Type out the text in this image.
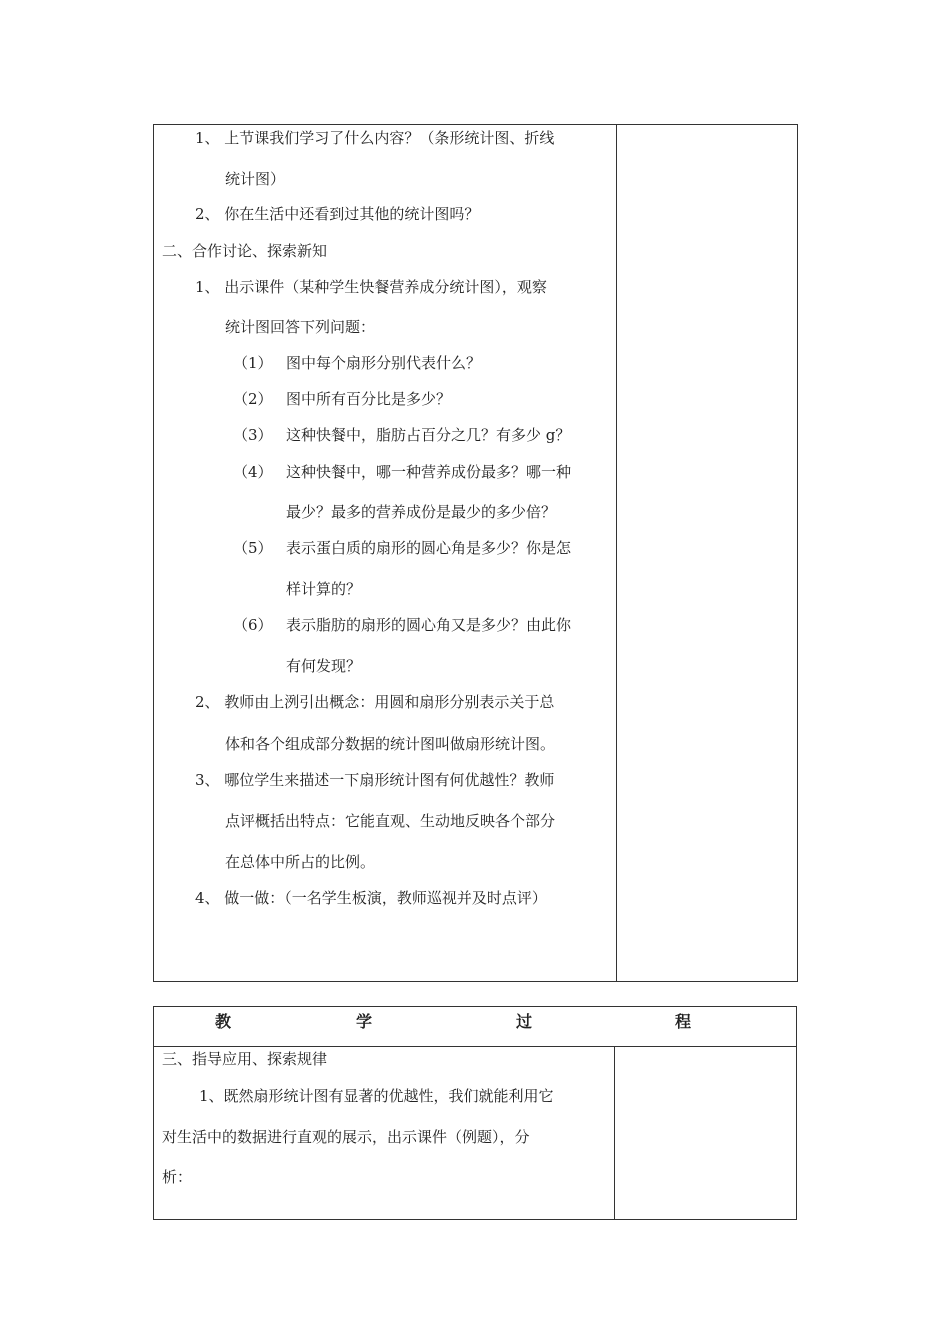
1、 上节课我们学习了什么内容？（条形统计图、折线
统计图）
2、 你在生活中还看到过其他的统计图吗？
二、合作讨论、探索新知
1、 出示课件（某种学生快餐营养成分统计图），观察
统计图回答下列问题：
（1） 图中每个扇形分别代表什么？
（2） 图中所有百分比是多少？
（3） 这种快餐中，脂肪占百分之几？有多少 g？
（4） 这种快餐中，哪一种营养成份最多？哪一种
最少？最多的营养成份是最少的多少倍？
（5） 表示蛋白质的扇形的圆心角是多少？你是怎
样计算的？
（6） 表示脂肪的扇形的圆心角又是多少？由此你
有何发现？
2、 教师由上洌引出概念：用圆和扇形分别表示关于总
体和各个组成部分数据的统计图叫做扇形统计图。
3、 哪位学生来描述一下扇形统计图有何优越性？教师
点评概括出特点：它能直观、生动地反映各个部分
在总体中所占的比例。
4、 做一做：（一名学生板演，教师巡视并及时点评）
教	学	过	程
三、指导应用、探索规律
1、既然扇形统计图有显著的优越性，我们就能利用它
对生活中的数据进行直观的展示，出示课件（例题），分
析：
